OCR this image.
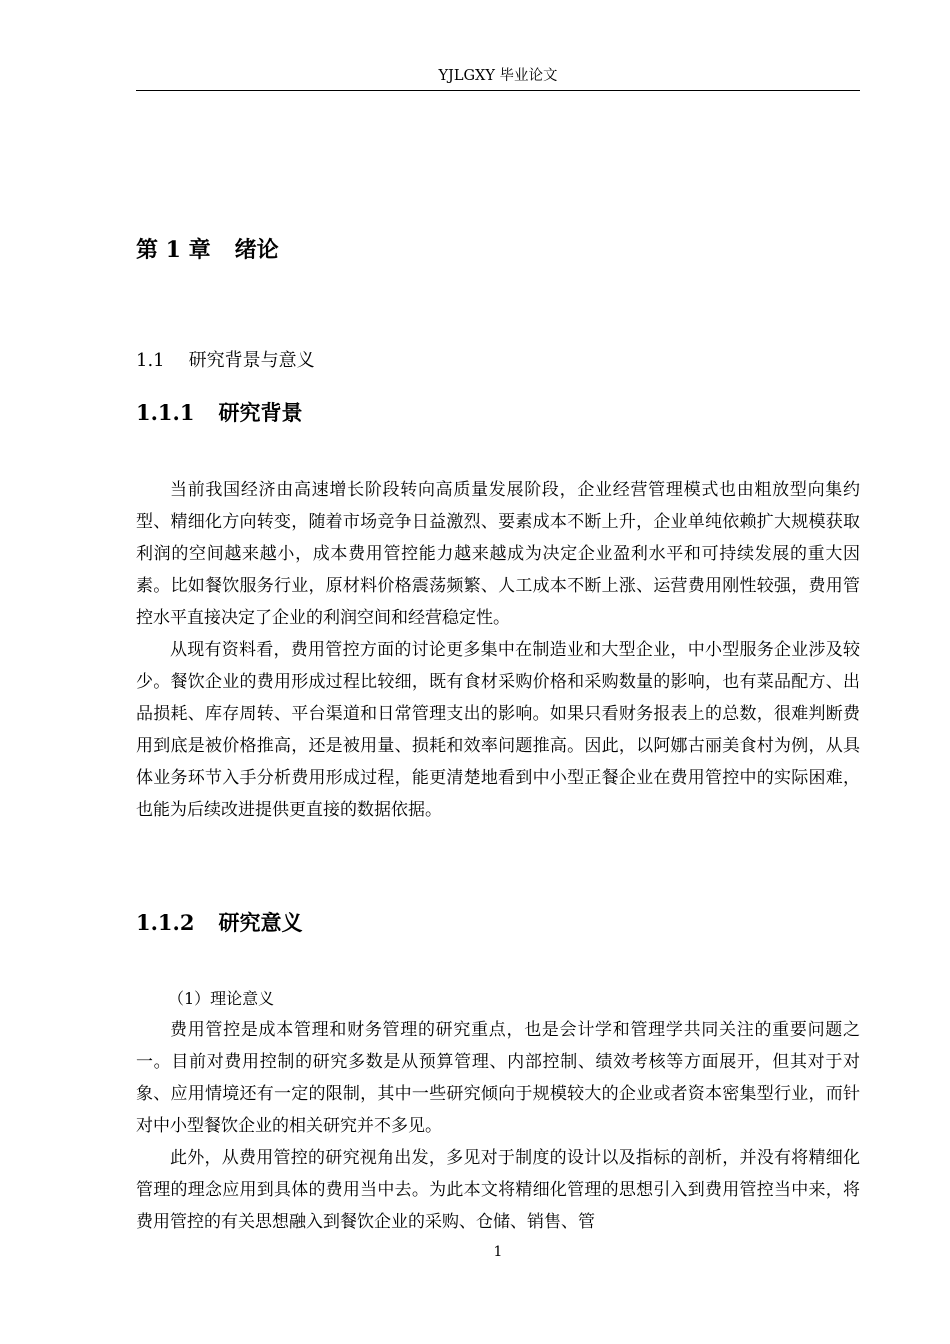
YJLGXY 毕业论文
第 1 章 绪论
1.1 研究背景与意义
1.1.1 研究背景

当前我国经济由高速增长阶段转向高质量发展阶段，企业经营管理模式也由粗放型向集约型、精细化方向转变，随着市场竞争日益激烈、要素成本不断上升，企业单纯依赖扩大规模获取利润的空间越来越小，成本费用管控能力越来越成为决定企业盈利水平和可持续发展的重大因素。比如餐饮服务行业，原材料价格震荡频繁、人工成本不断上涨、运营费用刚性较强，费用管控水平直接决定了企业的利润空间和经营稳定性。

从现有资料看，费用管控方面的讨论更多集中在制造业和大型企业，中小型服务企业涉及较少。餐饮企业的费用形成过程比较细，既有食材采购价格和采购数量的影响，也有菜品配方、出品损耗、库存周转、平台渠道和日常管理支出的影响。如果只看财务报表上的总数，很难判断费用到底是被价格推高，还是被用量、损耗和效率问题推高。因此，以阿娜古丽美食村为例，从具体业务环节入手分析费用形成过程，能更清楚地看到中小型正餐企业在费用管控中的实际困难，也能为后续改进提供更直接的数据依据。

1.1.2 研究意义
（1）理论意义

费用管控是成本管理和财务管理的研究重点，也是会计学和管理学共同关注的重要问题之一。目前对费用控制的研究多数是从预算管理、内部控制、绩效考核等方面展开，但其对于对象、应用情境还有一定的限制，其中一些研究倾向于规模较大的企业或者资本密集型行业，而针对中小型餐饮企业的相关研究并不多见。

此外，从费用管控的研究视角出发，多见对于制度的设计以及指标的剖析，并没有将精细化管理的理念应用到具体的费用当中去。为此本文将精细化管理的思想引入到费用管控当中来，将费用管控的有关思想融入到餐饮企业的采购、仓储、销售、管

1
